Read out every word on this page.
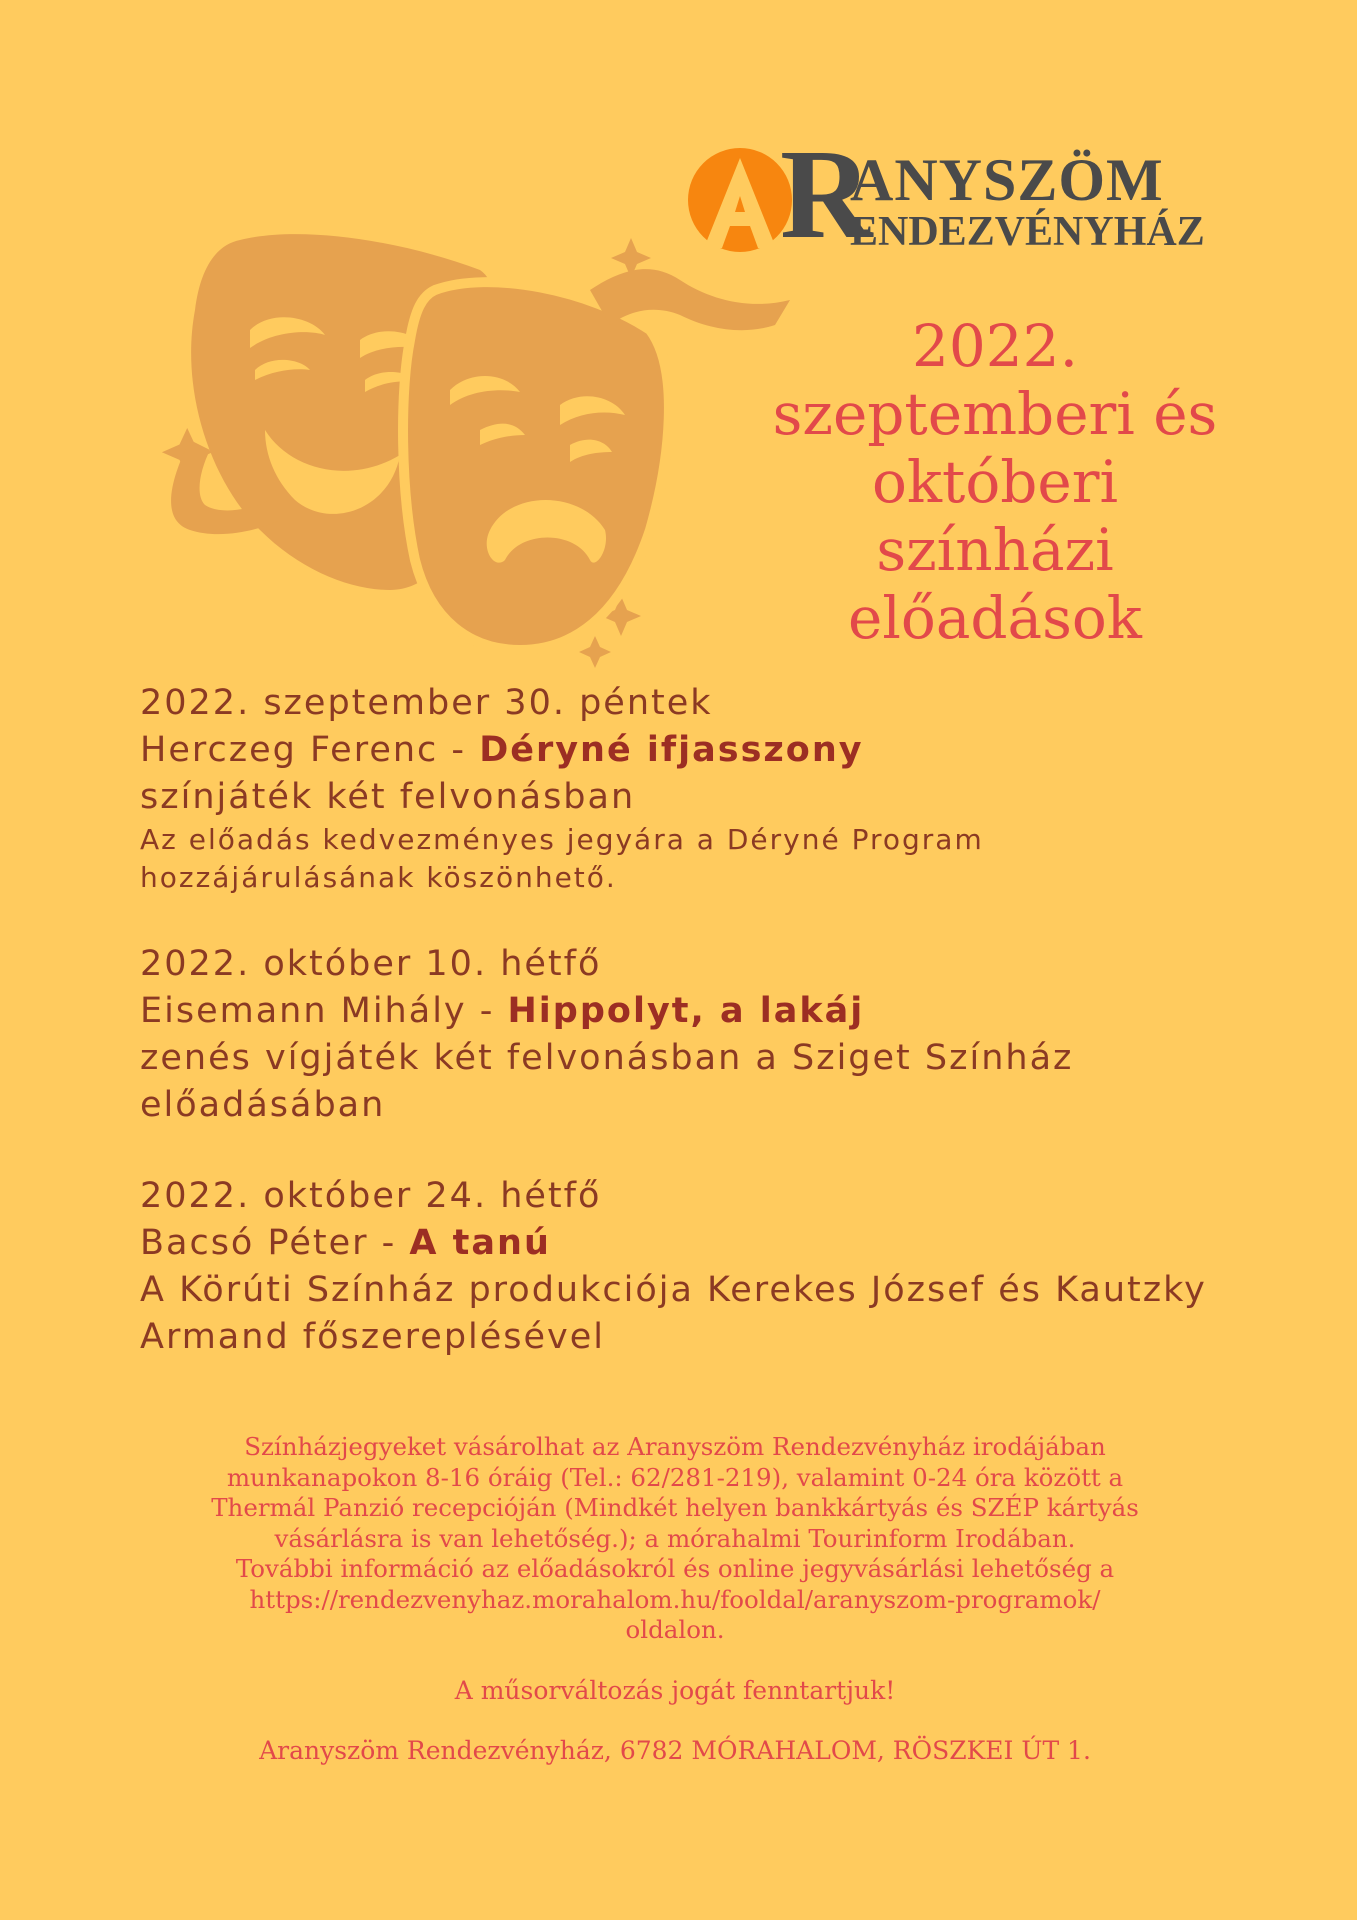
R
ANYSZÖM
ENDEZVÉNYHÁZ
2022.
szeptemberi és
októberi
színházi
előadások
2022. szeptember 30. péntek
Herczeg Ferenc - Déryné ifjasszony
színjáték két felvonásban
Az előadás kedvezményes jegyára a Déryné Program
hozzájárulásának köszönhető.
2022. október 10. hétfő
Eisemann Mihály - Hippolyt, a lakáj
zenés vígjáték két felvonásban a Sziget Színház
előadásában
2022. október 24. hétfő
Bacsó Péter - A tanú
A Körúti Színház produkciója Kerekes József és Kautzky
Armand főszereplésével
Színházjegyeket vásárolhat az Aranyszöm Rendezvényház irodájában
munkanapokon 8-16 óráig (Tel.: 62/281-219), valamint 0-24 óra között a
Thermál Panzió recepcióján (Mindkét helyen bankkártyás és SZÉP kártyás
vásárlásra is van lehetőség.); a mórahalmi Tourinform Irodában.
További információ az előadásokról és online jegyvásárlási lehetőség a
https://rendezvenyhaz.morahalom.hu/fooldal/aranyszom-programok/
oldalon.
A műsorváltozás jogát fenntartjuk!
Aranyszöm Rendezvényház, 6782 MÓRAHALOM, RÖSZKEI ÚT 1.
